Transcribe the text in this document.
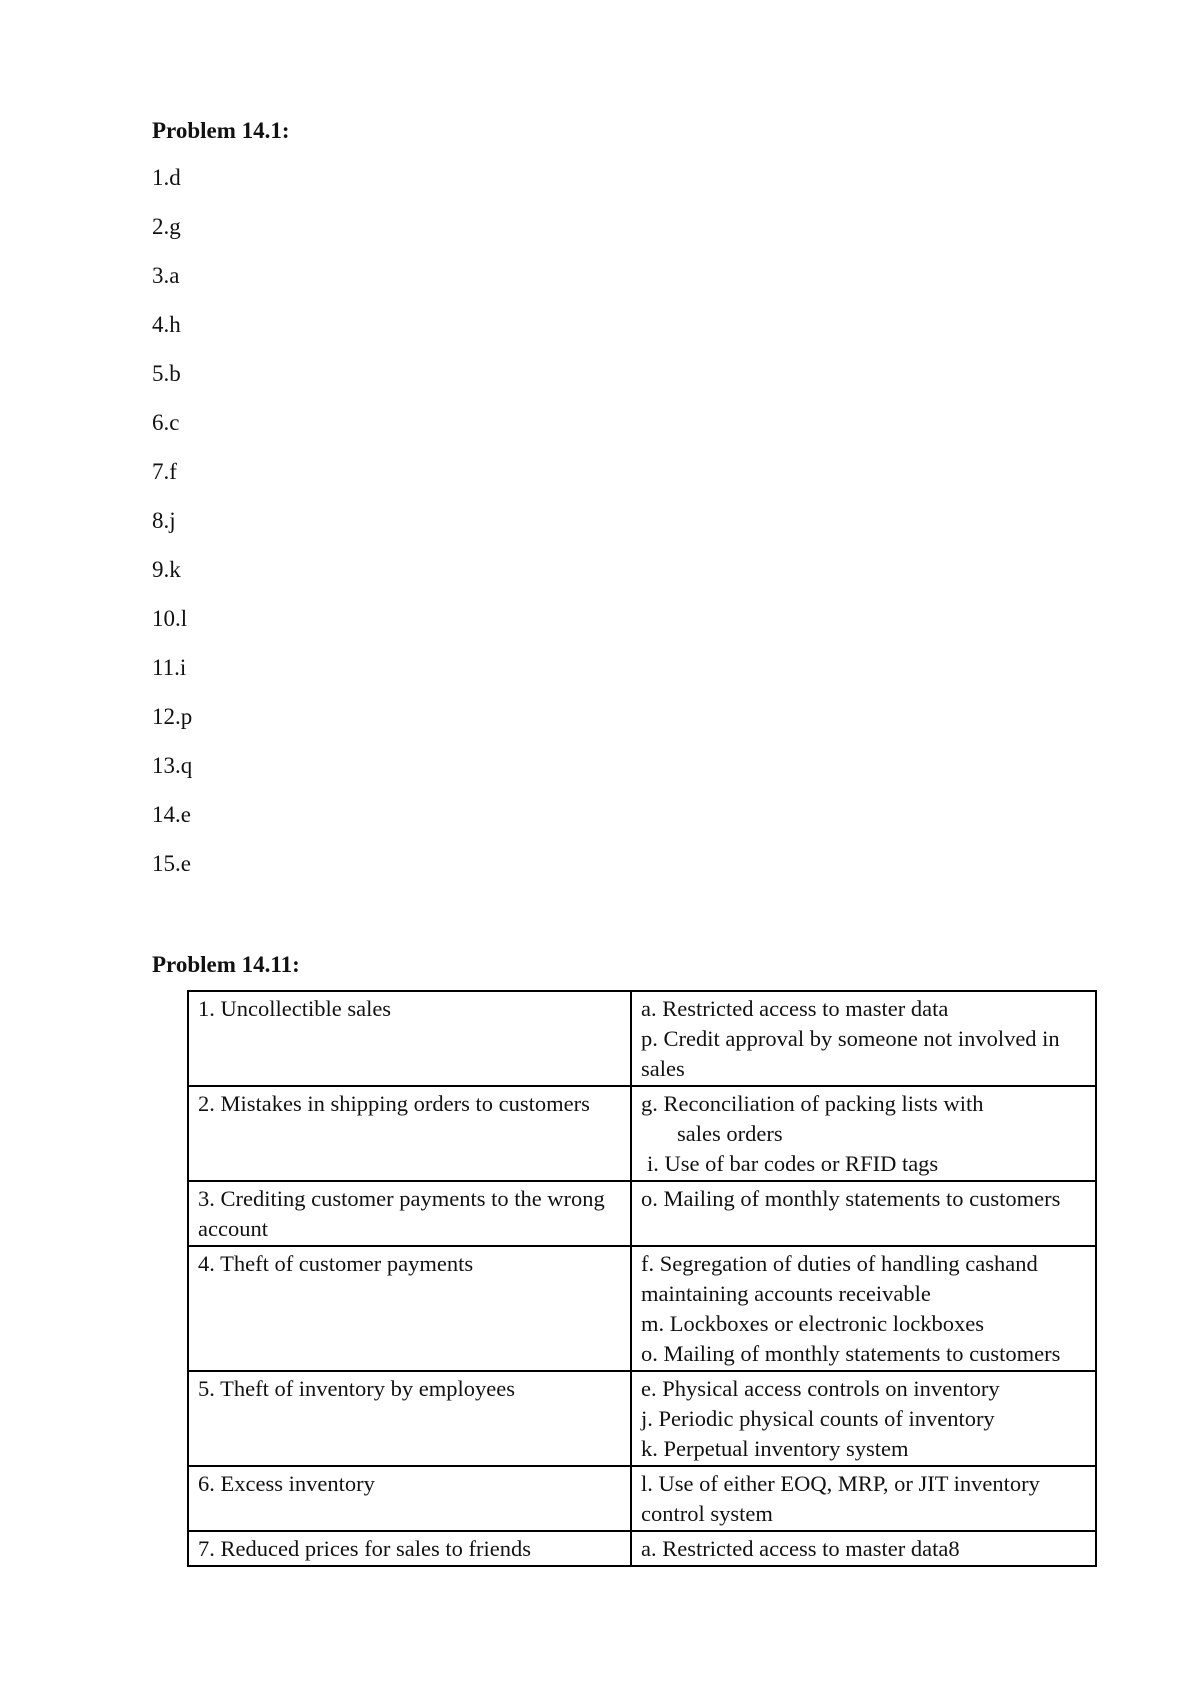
Problem 14.1:
1.d
2.g
3.a
4.h
5.b
6.c
7.f
8.j
9.k
10.l
11.i
12.p
13.q
14.e
15.e
Problem 14.11:
1. Uncollectible sales	a. Restricted access to master data
p. Credit approval by someone not involved in sales

2. Mistakes in shipping orders to customers	g. Reconciliation of packing lists with
sales orders
i. Use of bar codes or RFID tags

3. Crediting customer payments to the wrong account	o. Mailing of monthly statements to customers

4. Theft of customer payments	f. Segregation of duties of handling cashand maintaining accounts receivable
m. Lockboxes or electronic lockboxes
o. Mailing of monthly statements to customers

5. Theft of inventory by employees	e. Physical access controls on inventory
j. Periodic physical counts of inventory
k. Perpetual inventory system

6. Excess inventory	l. Use of either EOQ, MRP, or JIT inventory control system

7. Reduced prices for sales to friends	a. Restricted access to master data8
